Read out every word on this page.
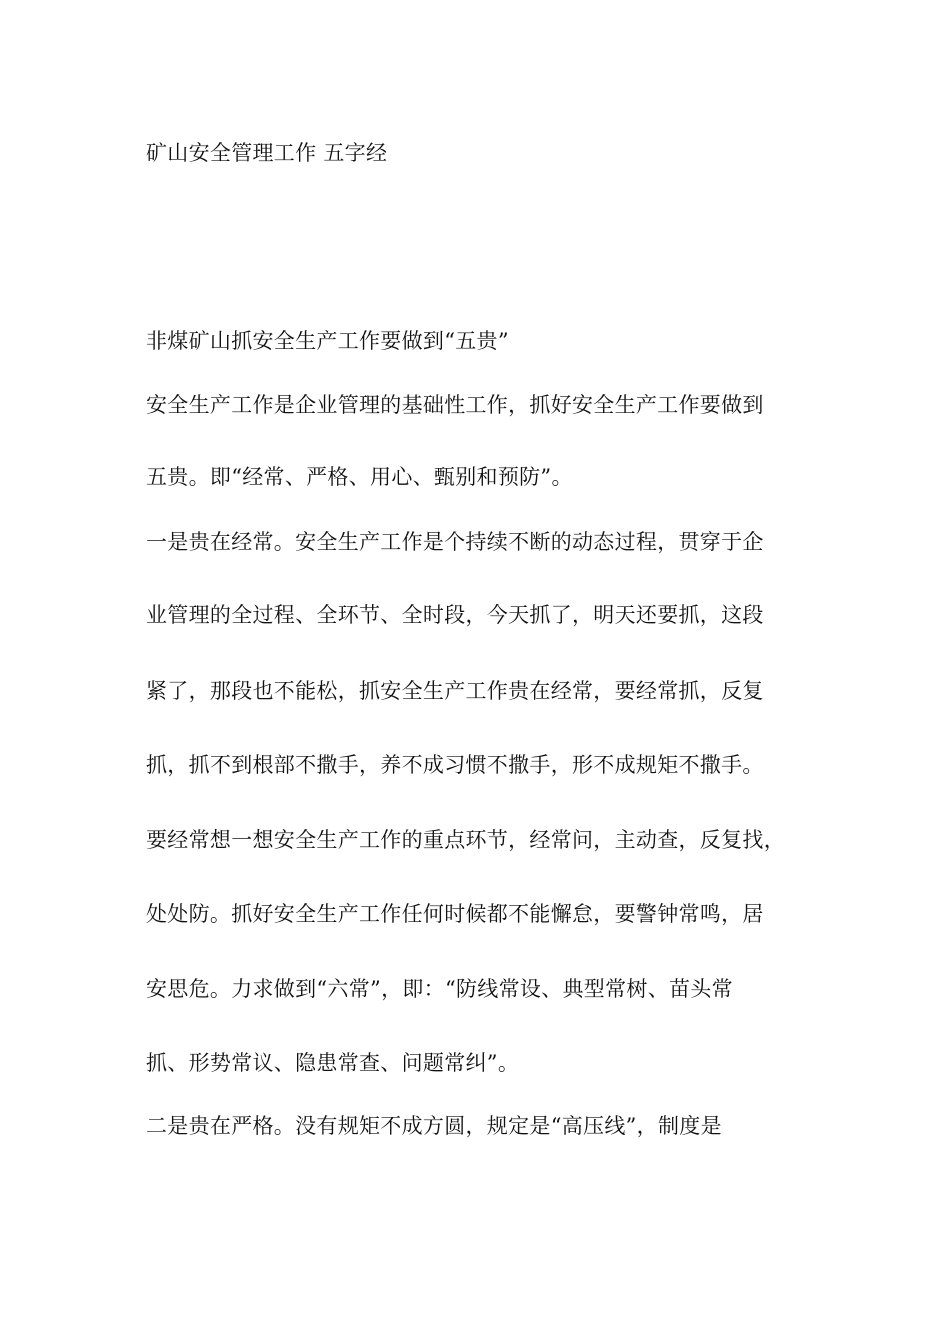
矿山安全管理工作 五字经
非煤矿山抓安全生产工作要做到“五贵”
安全生产工作是企业管理的基础性工作，抓好安全生产工作要做到
五贵。即“经常、严格、用心、甄别和预防”。
一是贵在经常。安全生产工作是个持续不断的动态过程，贯穿于企
业管理的全过程、全环节、全时段，今天抓了，明天还要抓，这段
紧了，那段也不能松，抓安全生产工作贵在经常，要经常抓，反复
抓，抓不到根部不撒手，养不成习惯不撒手，形不成规矩不撒手。
要经常想一想安全生产工作的重点环节，经常问，主动查，反复找，
处处防。抓好安全生产工作任何时候都不能懈怠，要警钟常鸣，居
安思危。力求做到“六常”，即：“防线常设、典型常树、苗头常
抓、形势常议、隐患常查、问题常纠”。
二是贵在严格。没有规矩不成方圆，规定是“高压线”，制度是
